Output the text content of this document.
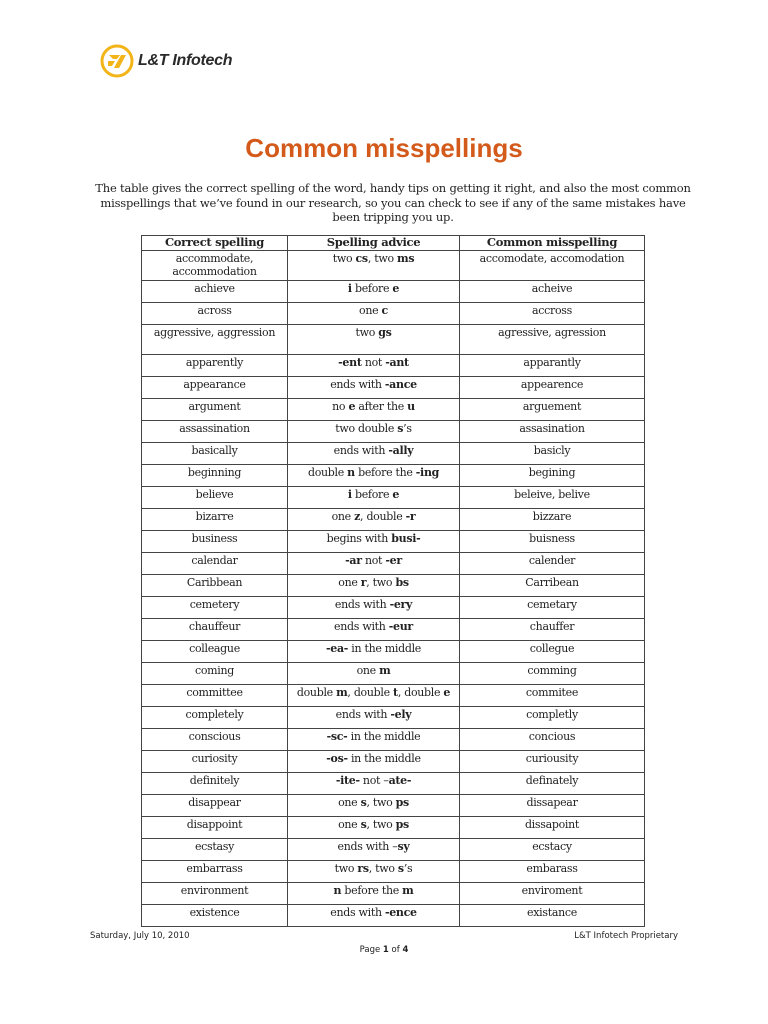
L&T Infotech
Common misspellings

The table gives the correct spelling of the word, handy tips on getting it right, and also the most common misspellings that we’ve found in our research, so you can check to see if any of the same mistakes have been tripping you up.

Correct spelling	Spelling advice	Common misspelling
accommodate, accommodation	two cs, two ms	accomodate, accomodation
achieve	i before e	acheive
across	one c	accross
aggressive, aggression	two gs	agressive, agression
apparently	-ent not -ant	apparantly
appearance	ends with -ance	appearence
argument	no e after the u	arguement
assassination	two double s’s	assasination
basically	ends with -ally	basicly
beginning	double n before the -ing	begining
believe	i before e	beleive, belive
bizarre	one z, double -r	bizzare
business	begins with busi-	buisness
calendar	-ar not -er	calender
Caribbean	one r, two bs	Carribean
cemetery	ends with -ery	cemetary
chauffeur	ends with -eur	chauffer
colleague	-ea- in the middle	collegue
coming	one m	comming
committee	double m, double t, double e	commitee
completely	ends with -ely	completly
conscious	-sc- in the middle	concious
curiosity	-os- in the middle	curiousity
definitely	-ite- not –ate-	definately
disappear	one s, two ps	dissapear
disappoint	one s, two ps	dissapoint
ecstasy	ends with –sy	ecstacy
embarrass	two rs, two s’s	embarass
environment	n before the m	enviroment
existence	ends with -ence	existance
Saturday, July 10, 2010	L&T Infotech Proprietary
Page 1 of 4
